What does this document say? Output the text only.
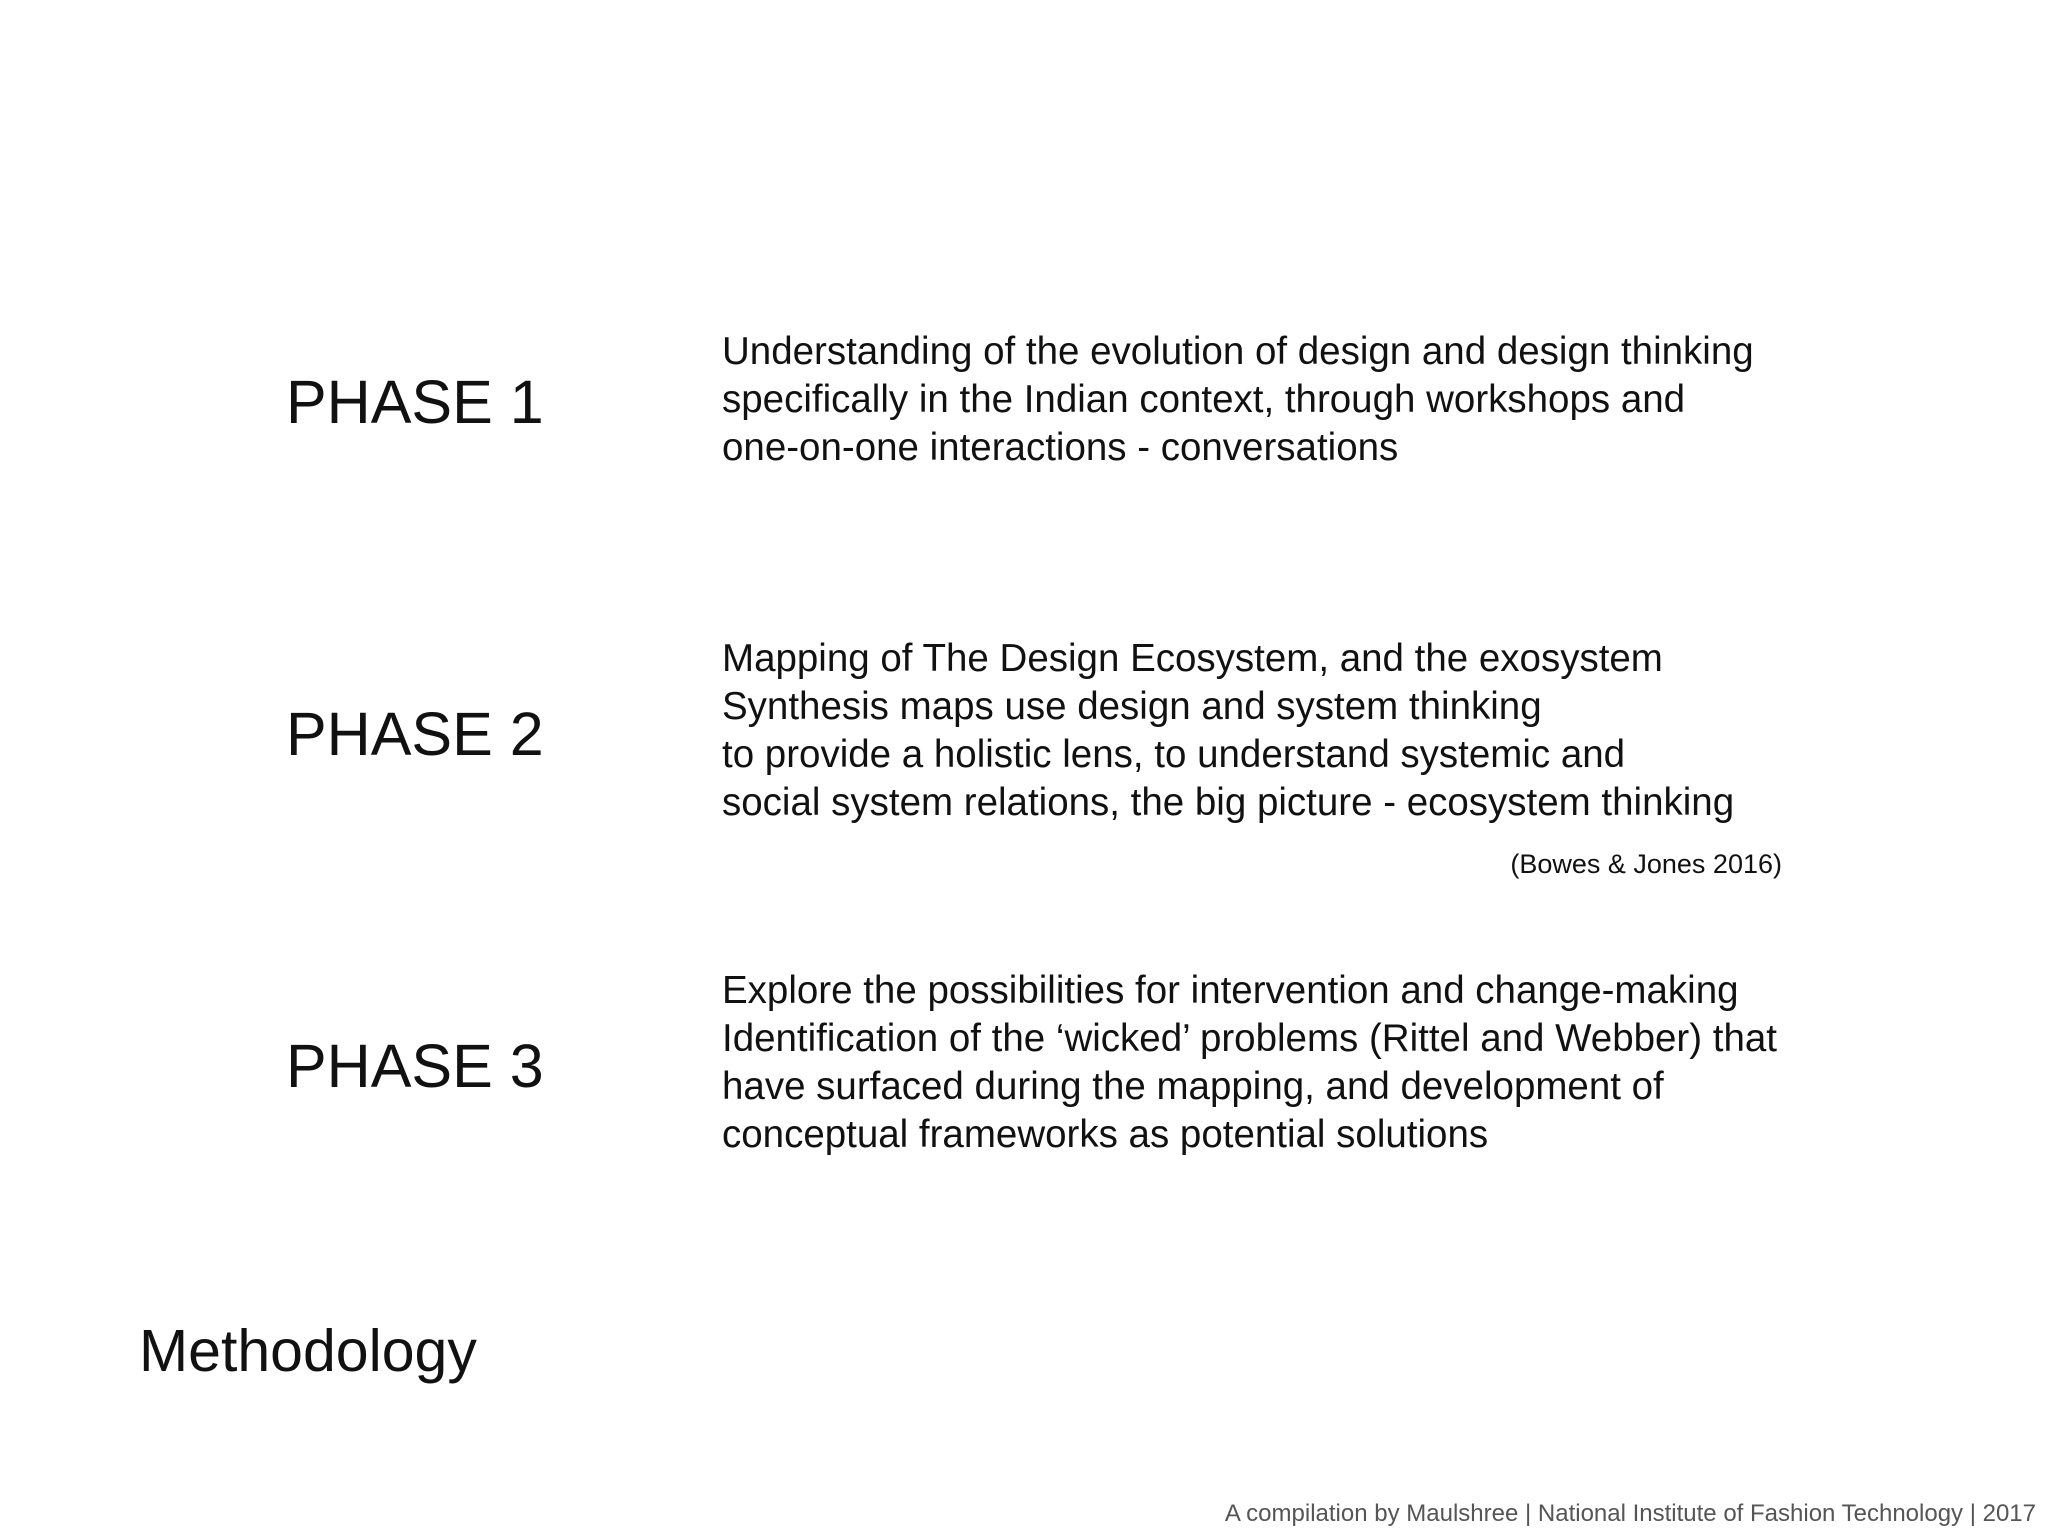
PHASE 1
Understanding of the evolution of design and design thinking
specifically in the Indian context, through workshops and
one-on-one interactions - conversations
PHASE 2
Mapping of The Design Ecosystem, and the exosystem
Synthesis maps use design and system thinking
to provide a holistic lens, to understand systemic and
social system relations, the big picture - ecosystem thinking
(Bowes & Jones 2016)
PHASE 3
Explore the possibilities for intervention and change-making
Identification of the ‘wicked’ problems (Rittel and Webber) that
have surfaced during the mapping, and development of
conceptual frameworks as potential solutions
Methodology
A compilation by Maulshree | National Institute of Fashion Technology | 2017
